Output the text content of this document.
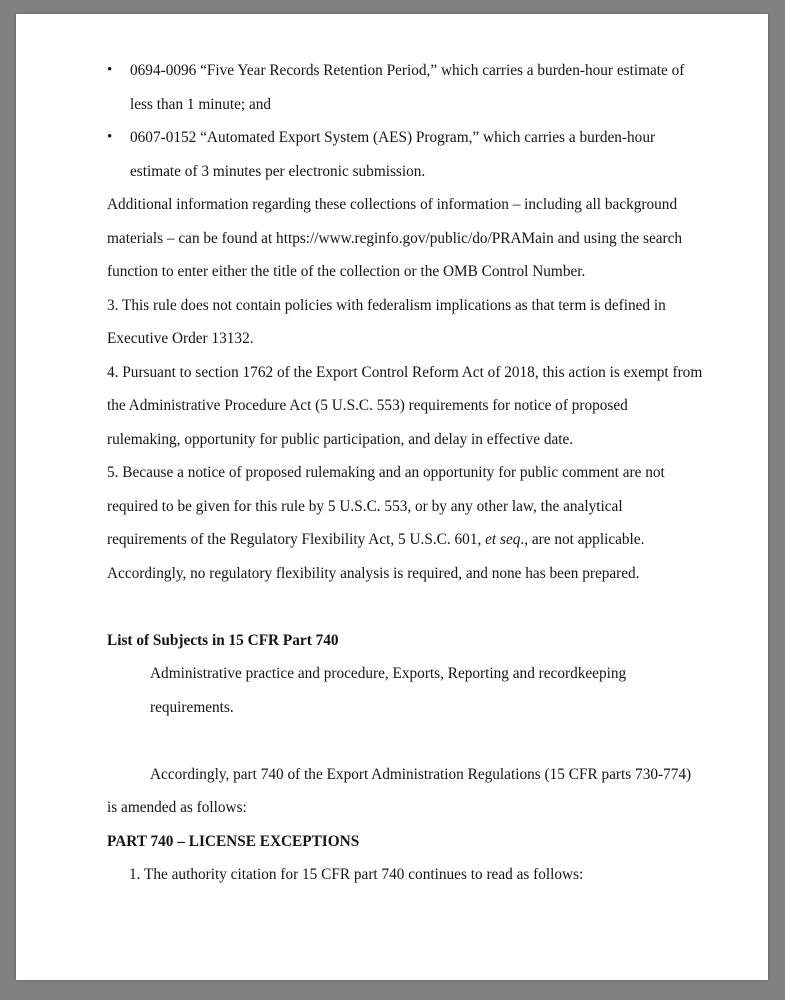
•	0694-0096 “Five Year Records Retention Period,” which carries a burden-hour estimate of
less than 1 minute; and
•	0607-0152 “Automated Export System (AES) Program,” which carries a burden-hour
estimate of 3 minutes per electronic submission.
Additional information regarding these collections of information – including all background
materials – can be found at https://www.reginfo.gov/public/do/PRAMain and using the search
function to enter either the title of the collection or the OMB Control Number.
3. This rule does not contain policies with federalism implications as that term is defined in
Executive Order 13132.
4. Pursuant to section 1762 of the Export Control Reform Act of 2018, this action is exempt from
the Administrative Procedure Act (5 U.S.C. 553) requirements for notice of proposed
rulemaking, opportunity for public participation, and delay in effective date.
5. Because a notice of proposed rulemaking and an opportunity for public comment are not
required to be given for this rule by 5 U.S.C. 553, or by any other law, the analytical
requirements of the Regulatory Flexibility Act, 5 U.S.C. 601, et seq., are not applicable.
Accordingly, no regulatory flexibility analysis is required, and none has been prepared.
List of Subjects in 15 CFR Part 740
Administrative practice and procedure, Exports, Reporting and recordkeeping
requirements.
Accordingly, part 740 of the Export Administration Regulations (15 CFR parts 730-774)
is amended as follows:
PART 740 – LICENSE EXCEPTIONS
1. The authority citation for 15 CFR part 740 continues to read as follows:
